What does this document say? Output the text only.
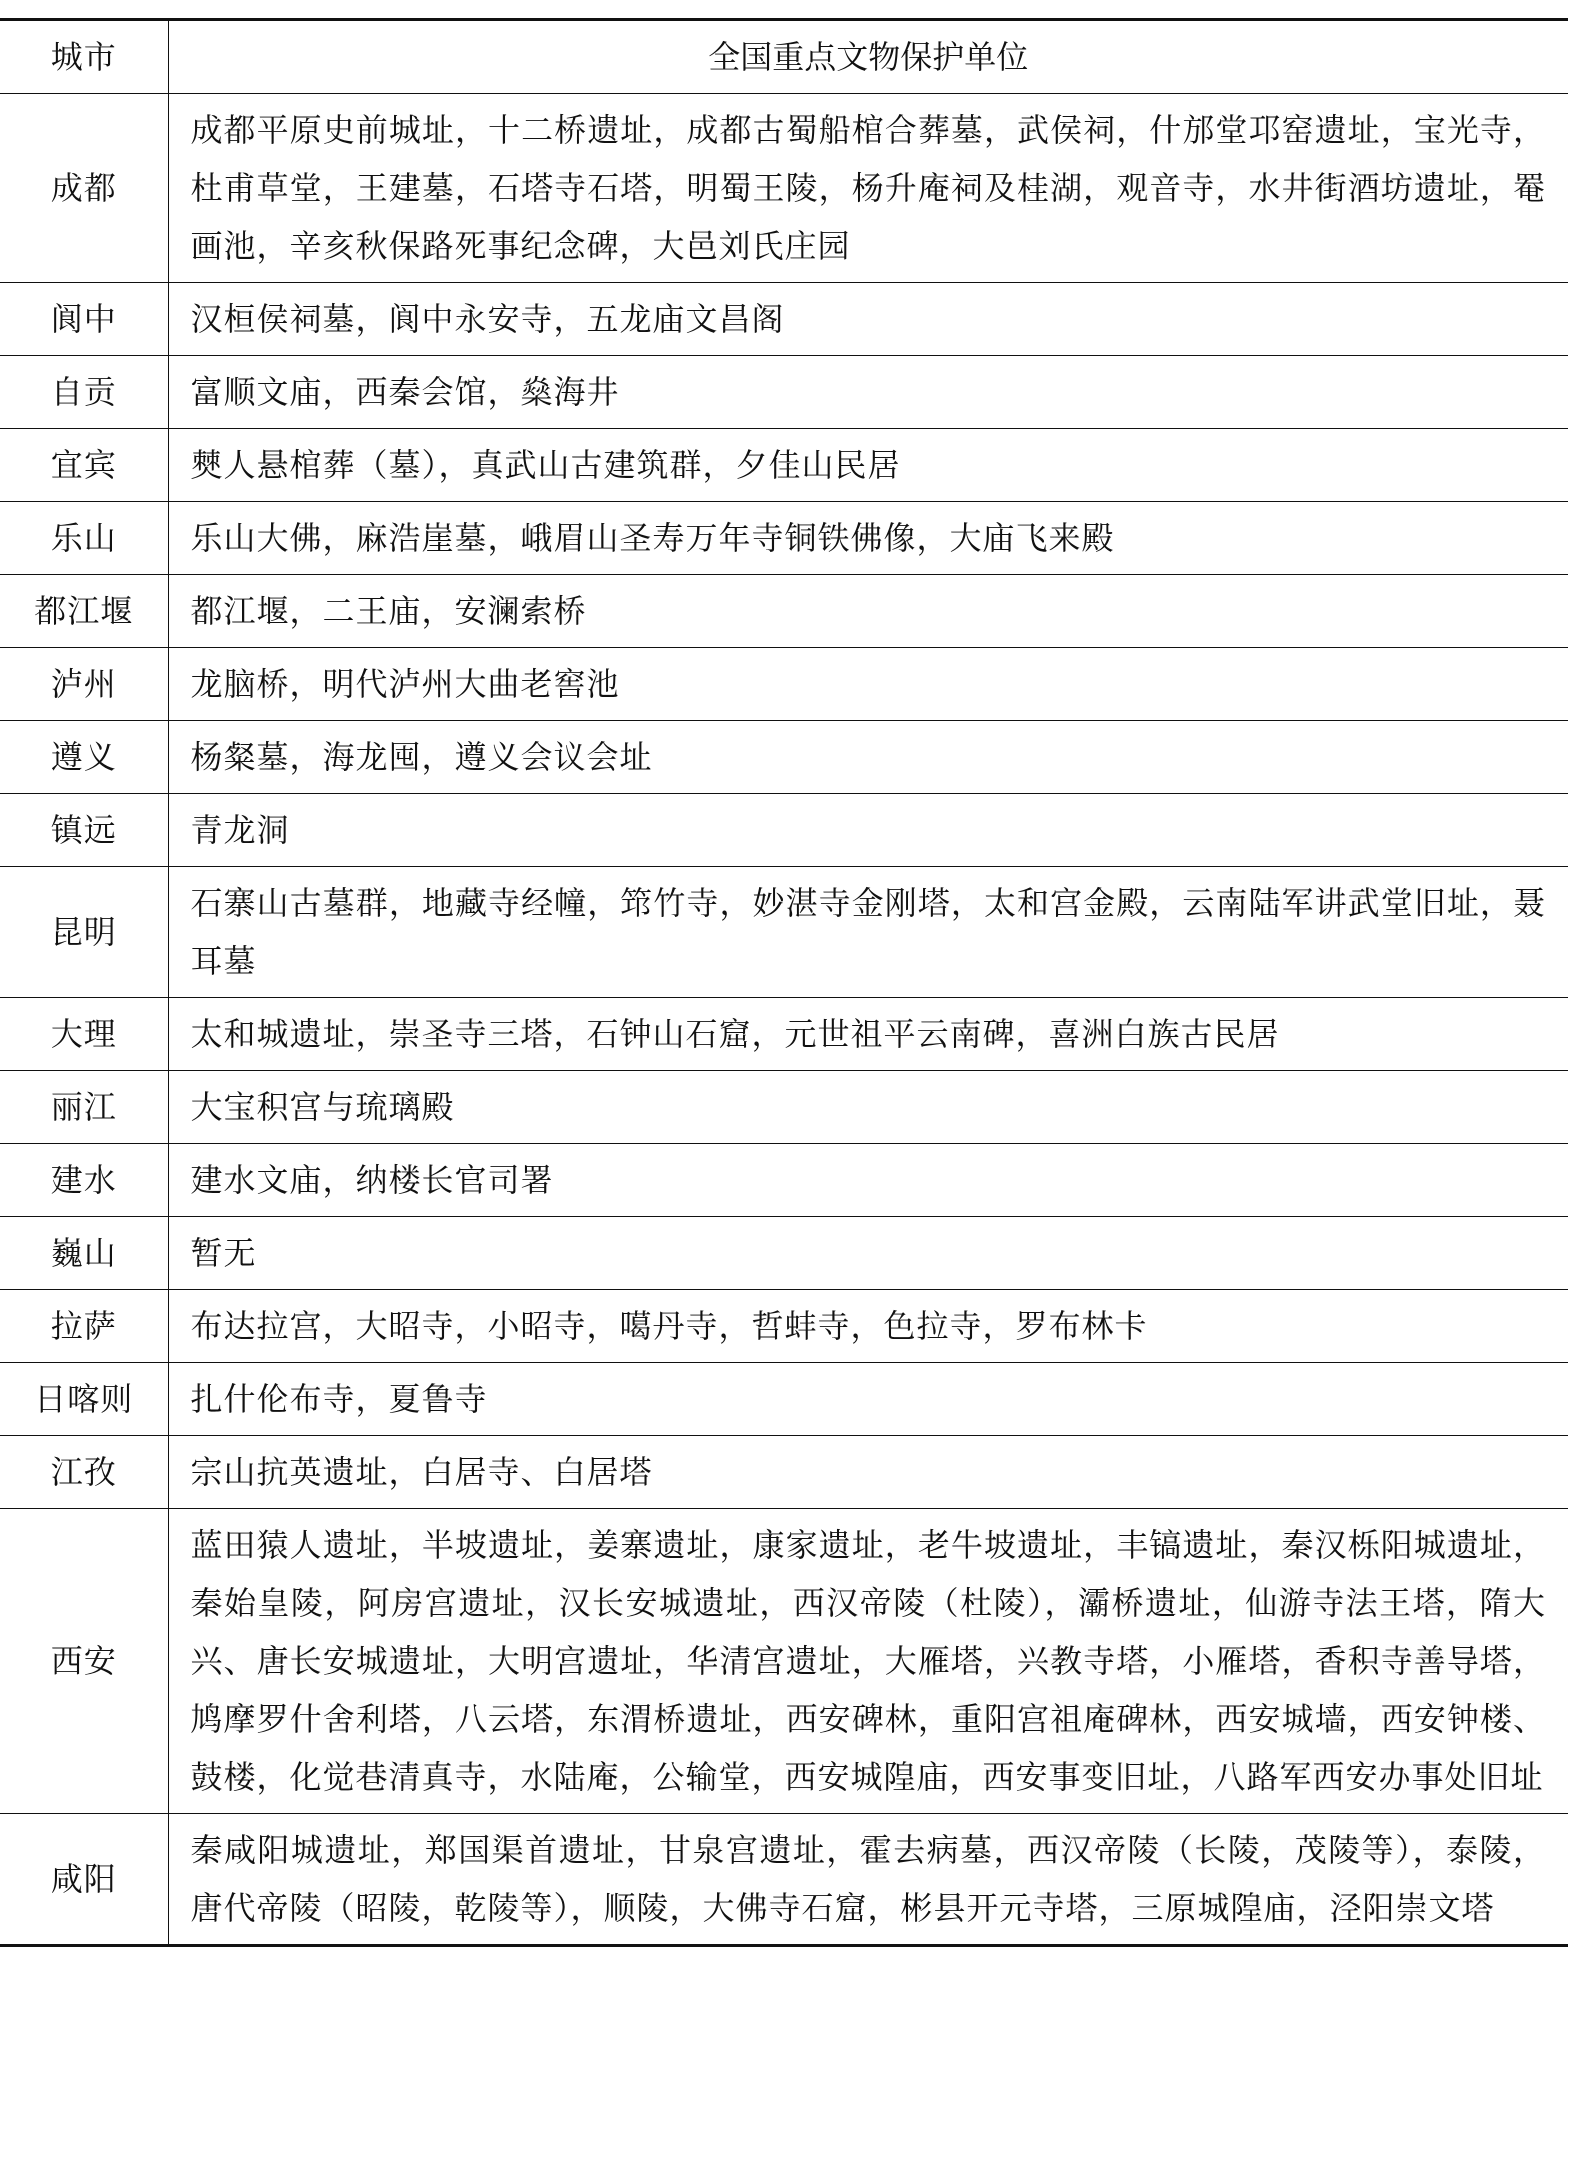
城市	全国重点文物保护单位
成都	成都平原史前城址，十二桥遗址，成都古蜀船棺合葬墓，武侯祠，什邡堂邛窑遗址，宝光寺，杜甫草堂，王建墓，石塔寺石塔，明蜀王陵，杨升庵祠及桂湖，观音寺，水井街酒坊遗址，罨画池，辛亥秋保路死事纪念碑，大邑刘氏庄园
阆中	汉桓侯祠墓，阆中永安寺，五龙庙文昌阁
自贡	富顺文庙，西秦会馆，燊海井
宜宾	僰人悬棺葬（墓），真武山古建筑群，夕佳山民居
乐山	乐山大佛，麻浩崖墓，峨眉山圣寿万年寺铜铁佛像，大庙飞来殿
都江堰	都江堰，二王庙，安澜索桥
泸州	龙脑桥，明代泸州大曲老窖池
遵义	杨粲墓，海龙囤，遵义会议会址
镇远	青龙洞
昆明	石寨山古墓群，地藏寺经幢，筇竹寺，妙湛寺金刚塔，太和宫金殿，云南陆军讲武堂旧址，聂耳墓
大理	太和城遗址，崇圣寺三塔，石钟山石窟，元世祖平云南碑，喜洲白族古民居
丽江	大宝积宫与琉璃殿
建水	建水文庙，纳楼长官司署
巍山	暂无
拉萨	布达拉宫，大昭寺，小昭寺，噶丹寺，哲蚌寺，色拉寺，罗布林卡
日喀则	扎什伦布寺，夏鲁寺
江孜	宗山抗英遗址，白居寺、白居塔
西安	蓝田猿人遗址，半坡遗址，姜寨遗址，康家遗址，老牛坡遗址，丰镐遗址，秦汉栎阳城遗址，秦始皇陵，阿房宫遗址，汉长安城遗址，西汉帝陵（杜陵），灞桥遗址，仙游寺法王塔，隋大兴、唐长安城遗址，大明宫遗址，华清宫遗址，大雁塔，兴教寺塔，小雁塔，香积寺善导塔，鸠摩罗什舍利塔，八云塔，东渭桥遗址，西安碑林，重阳宫祖庵碑林，西安城墙，西安钟楼、鼓楼，化觉巷清真寺，水陆庵，公输堂，西安城隍庙，西安事变旧址，八路军西安办事处旧址
咸阳	秦咸阳城遗址，郑国渠首遗址，甘泉宫遗址，霍去病墓，西汉帝陵（长陵，茂陵等），泰陵，唐代帝陵（昭陵，乾陵等），顺陵，大佛寺石窟，彬县开元寺塔，三原城隍庙，泾阳崇文塔
